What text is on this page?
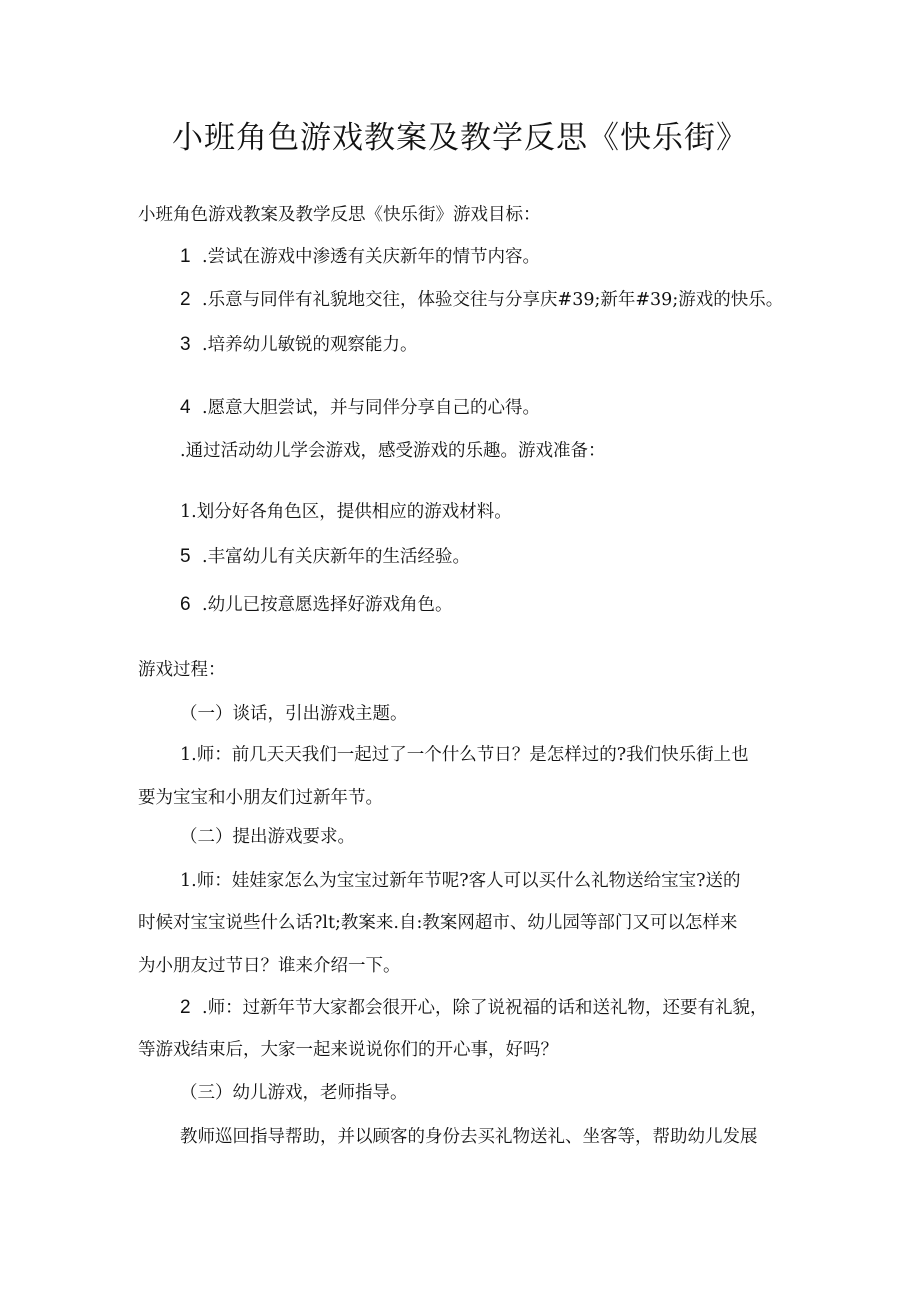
小班角色游戏教案及教学反思《快乐街》
小班角色游戏教案及教学反思《快乐街》游戏目标：
1 .尝试在游戏中渗透有关庆新年的情节内容。
2 .乐意与同伴有礼貌地交往，体验交往与分享庆#39;新年#39;游戏的快乐。
3 .培养幼儿敏锐的观察能力。
4 .愿意大胆尝试，并与同伴分享自己的心得。
.通过活动幼儿学会游戏，感受游戏的乐趣。游戏准备：
1.划分好各角色区，提供相应的游戏材料。
5 .丰富幼儿有关庆新年的生活经验。
6 .幼儿已按意愿选择好游戏角色。
游戏过程：
（一）谈话，引出游戏主题。
1.师：前几天天我们一起过了一个什么节日？是怎样过的?我们快乐街上也
要为宝宝和小朋友们过新年节。
（二）提出游戏要求。
1.师：娃娃家怎么为宝宝过新年节呢?客人可以买什么礼物送给宝宝?送的
时候对宝宝说些什么话?lt;教案来.自:教案网超市、幼儿园等部门又可以怎样来
为小朋友过节日？谁来介绍一下。
2 .师：过新年节大家都会很开心，除了说祝福的话和送礼物，还要有礼貌，
等游戏结束后，大家一起来说说你们的开心事，好吗？
（三）幼儿游戏，老师指导。
教师巡回指导帮助，并以顾客的身份去买礼物送礼、坐客等，帮助幼儿发展
